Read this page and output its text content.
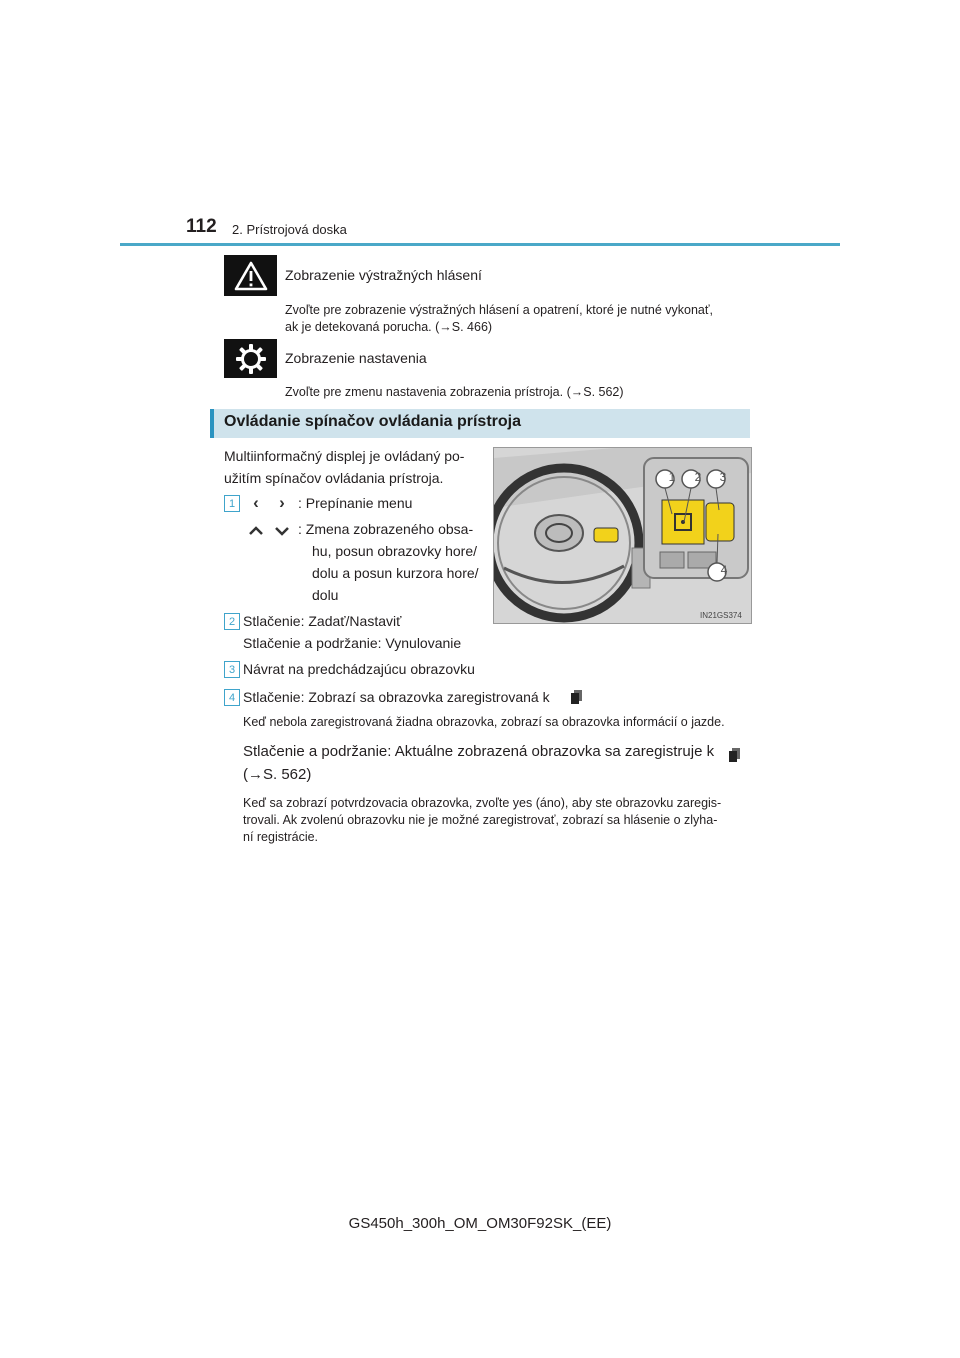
112 2. Prístrojová doska
Zobrazenie výstražných hlásení
Zvoľte pre zobrazenie výstražných hlásení a opatrení, ktoré je nutné vykonať,
ak je detekovaná porucha. (→S. 466)
Zobrazenie nastavenia
Zvoľte pre zmenu nastavenia zobrazenia prístroja. (→S. 562)
Ovládanie spínačov ovládania prístroja
Multiinformačný displej je ovládaný po-
užitím spínačov ovládania prístroja.
IN21GS374
1	2	3
4
1	‹	› : Prepínanie menu
: Zmena zobrazeného obsa-
hu, posun obrazovky hore/
dolu a posun kurzora hore/
dolu
2 Stlačenie: Zadať/Nastaviť
Stlačenie a podržanie: Vynulovanie
3 Návrat na predchádzajúcu obrazovku
4 Stlačenie: Zobrazí sa obrazovka zaregistrovaná k
Keď nebola zaregistrovaná žiadna obrazovka, zobrazí sa obrazovka informácií o jazde.
Stlačenie a podržanie: Aktuálne zobrazená obrazovka sa zaregistruje k
(→S. 562)
Keď sa zobrazí potvrdzovacia obrazovka, zvoľte yes (áno), aby ste obrazovku zaregis-
trovali. Ak zvolenú obrazovku nie je možné zaregistrovať, zobrazí sa hlásenie o zlyha-
ní registrácie.
GS450h_300h_OM_OM30F92SK_(EE)
